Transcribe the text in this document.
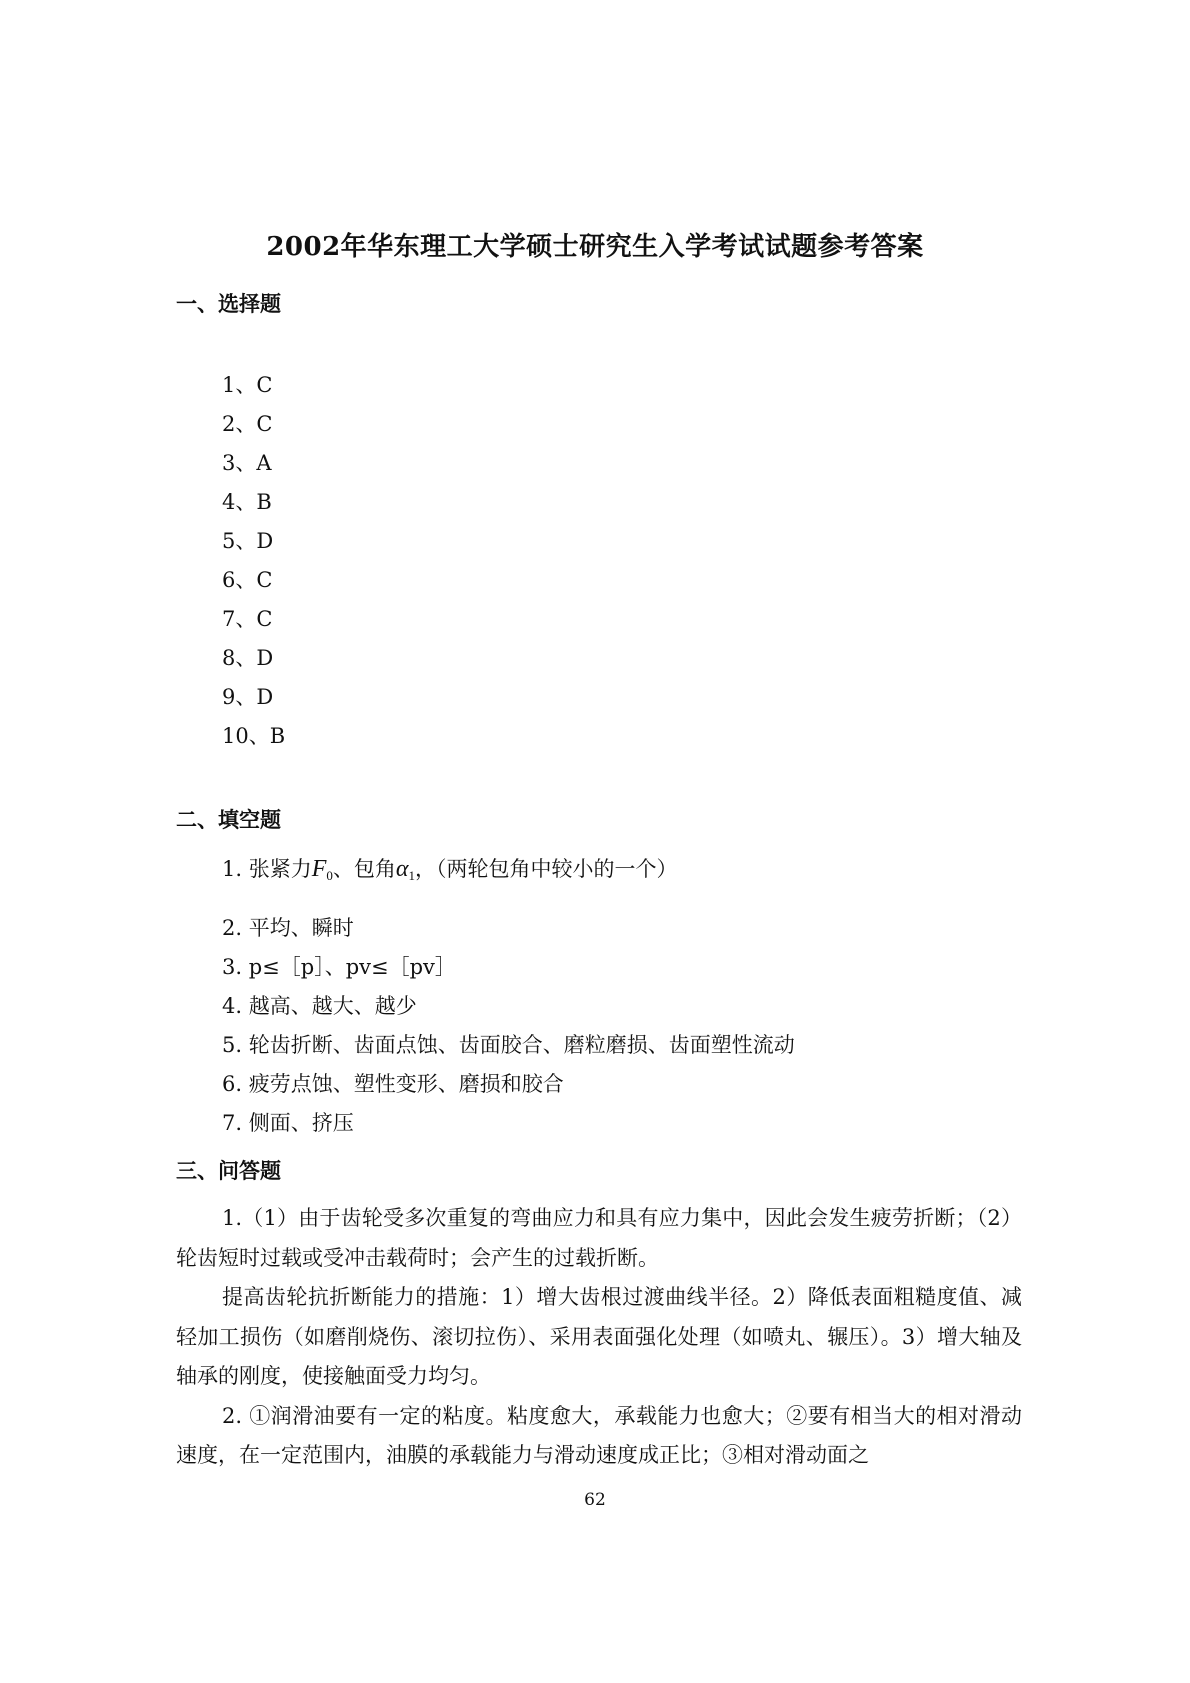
2002年华东理工大学硕士研究生入学考试试题参考答案
一、选择题
1、C
2、C
3、A
4、B
5、D
6、C
7、C
8、D
9、D
10、B
二、填空题
1. 张紧力F0、包角α1，（两轮包角中较小的一个）
2. 平均、瞬时
3. p≤［p］、pv≤［pv］
4. 越高、越大、越少
5. 轮齿折断、齿面点蚀、齿面胶合、磨粒磨损、齿面塑性流动
6. 疲劳点蚀、塑性变形、磨损和胶合
7. 侧面、挤压
三、问答题

1.（1）由于齿轮受多次重复的弯曲应力和具有应力集中，因此会发生疲劳折断；（2）轮齿短时过载或受冲击载荷时；会产生的过载折断。

提高齿轮抗折断能力的措施：1）增大齿根过渡曲线半径。2）降低表面粗糙度值、减轻加工损伤（如磨削烧伤、滚切拉伤）、采用表面强化处理（如喷丸、辗压）。3）增大轴及轴承的刚度，使接触面受力均匀。

2. ①润滑油要有一定的粘度。粘度愈大，承载能力也愈大；②要有相当大的相对滑动速度，在一定范围内，油膜的承载能力与滑动速度成正比；③相对滑动面之

62
